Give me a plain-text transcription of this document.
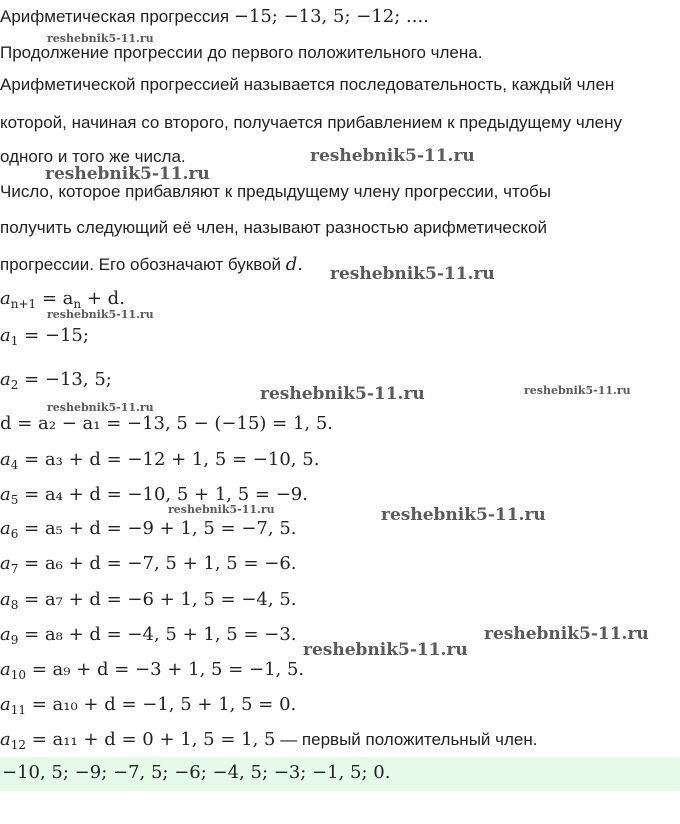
Арифметическая прогрессия −15; −13, 5; −12; ....
Продолжение прогрессии до первого положительного члена.
Арифметической прогрессией называется последовательность, каждый член
которой, начиная со второго, получается прибавлением к предыдущему члену
одного и того же числа.
Число, которое прибавляют к предыдущему члену прогрессии, чтобы
получить следующий её член, называют разностью арифметической
прогрессии. Его обозначают буквой d.
$a_{n+1} = a_n + d$.
$a_1 = -15$;
$a_2 = -13$, 5;
d = a₂ − a₁ = −13, 5 − (−15) = 1, 5.
$a_4 = a_3 + d = -12 + 1$, 5 = −10, 5.
$a_5 = a_4 + d = -10$, 5 + 1, 5 = −9.
$a_6 = a_5 + d = -9 + 1$, 5 = −7, 5.
$a_7 = a_6 + d = -7$, 5 + 1, 5 = −6.
$a_8 = a_7 + d = -6 + 1$, 5 = −4, 5.
$a_9 = a_8 + d = -4$, 5 + 1, 5 = −3.
$a_{10} = a_9 + d = -3 + 1$, 5 = −1, 5.
$a_{11} = a_{10} + d = -1$, 5 + 1, 5 = 0.
$a_{12} = a_{11} + d = 0 + 1$, 5 = 1, 5 — первый положительный член.
−10, 5; −9; −7, 5; −6; −4, 5; −3; −1, 5; 0.
reshebnik5-11.ru
reshebnik5-11.ru
reshebnik5-11.ru
reshebnik5-11.ru
reshebnik5-11.ru
reshebnik5-11.ru	reshebnik5-11.ru
reshebnik5-11.ru
reshebnik5-11.ru	reshebnik5-11.ru
reshebnik5-11.ru
reshebnik5-11.ru
